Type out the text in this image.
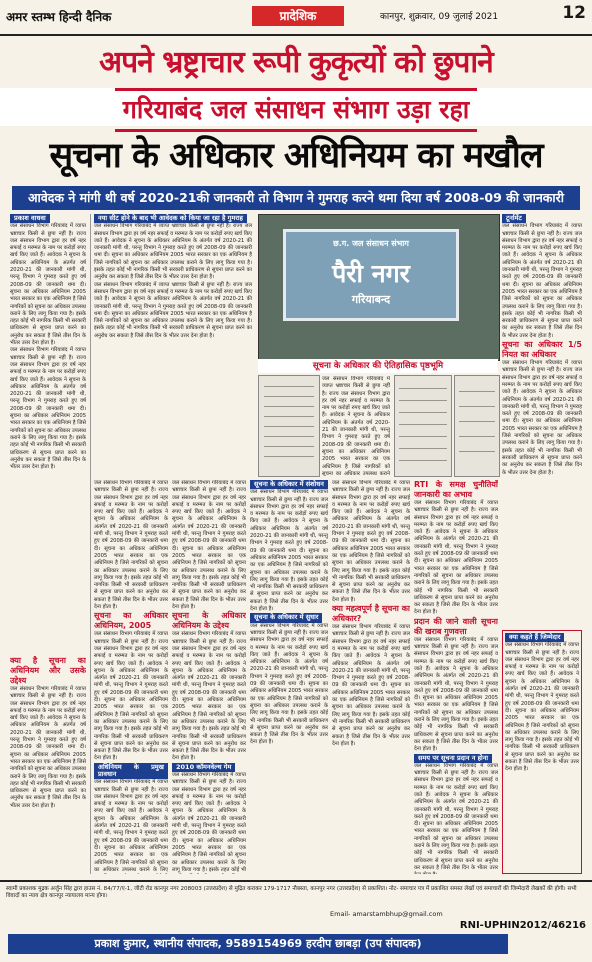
अमर स्तम्भ हिन्दी दैनिक	प्रादेशिक	कानपुर, शुक्रवार, 09 जुलाई 2021	12
अपने भ्रष्ट्राचार रूपी कुकृत्यों को छुपाने
गरियाबंद जल संसाधन संभाग उड़ा रहा
सूचना के अधिकार अधिनियम का मखौल
आवेदक ने मांगी थी वर्ष 2020-21की जानकारी तो विभाग ने गुमराह करने थमा दिया वर्ष 2008-09 की जानकारी
प्रकाश वाधवा
जल संसाधन विभाग गरियाबंद में व्याप्त भ्रष्टाचार किसी से छुपा नहीं है। राज्य जल संसाधन विभाग द्वारा हर वर्ष नहर सफाई व मरम्मत के नाम पर करोड़ों रुपए खर्च किए जाते हैं। आवेदक ने सूचना के अधिकार अधिनियम के अंतर्गत वर्ष 2020-21 की जानकारी मांगी थी, परन्तु विभाग ने गुमराह करते हुए वर्ष 2008-09 की जानकारी थमा दी। सूचना का अधिकार अधिनियम 2005 भारत सरकार का एक अधिनियम है जिसे नागरिकों को सूचना का अधिकार उपलब्ध कराने के लिए लागू किया गया है। इसके तहत कोई भी नागरिक किसी भी सरकारी प्राधिकरण से सूचना प्राप्त करने का अनुरोध कर सकता है जिसे तीस दिन के भीतर उत्तर देना होता है।
जल संसाधन विभाग गरियाबंद में व्याप्त भ्रष्टाचार किसी से छुपा नहीं है। राज्य जल संसाधन विभाग द्वारा हर वर्ष नहर सफाई व मरम्मत के नाम पर करोड़ों रुपए खर्च किए जाते हैं। आवेदक ने सूचना के अधिकार अधिनियम के अंतर्गत वर्ष 2020-21 की जानकारी मांगी थी, परन्तु विभाग ने गुमराह करते हुए वर्ष 2008-09 की जानकारी थमा दी। सूचना का अधिकार अधिनियम 2005 भारत सरकार का एक अधिनियम है जिसे नागरिकों को सूचना का अधिकार उपलब्ध कराने के लिए लागू किया गया है। इसके तहत कोई भी नागरिक किसी भी सरकारी प्राधिकरण से सूचना प्राप्त करने का अनुरोध कर सकता है जिसे तीस दिन के भीतर उत्तर देना होता है।
क्या है सूचना का अधिनियम और उसके उद्देश्य
जल संसाधन विभाग गरियाबंद में व्याप्त भ्रष्टाचार किसी से छुपा नहीं है। राज्य जल संसाधन विभाग द्वारा हर वर्ष नहर सफाई व मरम्मत के नाम पर करोड़ों रुपए खर्च किए जाते हैं। आवेदक ने सूचना के अधिकार अधिनियम के अंतर्गत वर्ष 2020-21 की जानकारी मांगी थी, परन्तु विभाग ने गुमराह करते हुए वर्ष 2008-09 की जानकारी थमा दी। सूचना का अधिकार अधिनियम 2005 भारत सरकार का एक अधिनियम है जिसे नागरिकों को सूचना का अधिकार उपलब्ध कराने के लिए लागू किया गया है। इसके तहत कोई भी नागरिक किसी भी सरकारी प्राधिकरण से सूचना प्राप्त करने का अनुरोध कर सकता है जिसे तीस दिन के भीतर उत्तर देना होता है।
नया सीट होने के बाद भी आवेदक को किया जा रहा है गुमराह
जल संसाधन विभाग गरियाबंद में व्याप्त भ्रष्टाचार किसी से छुपा नहीं है। राज्य जल संसाधन विभाग द्वारा हर वर्ष नहर सफाई व मरम्मत के नाम पर करोड़ों रुपए खर्च किए जाते हैं। आवेदक ने सूचना के अधिकार अधिनियम के अंतर्गत वर्ष 2020-21 की जानकारी मांगी थी, परन्तु विभाग ने गुमराह करते हुए वर्ष 2008-09 की जानकारी थमा दी। सूचना का अधिकार अधिनियम 2005 भारत सरकार का एक अधिनियम है जिसे नागरिकों को सूचना का अधिकार उपलब्ध कराने के लिए लागू किया गया है। इसके तहत कोई भी नागरिक किसी भी सरकारी प्राधिकरण से सूचना प्राप्त करने का अनुरोध कर सकता है जिसे तीस दिन के भीतर उत्तर देना होता है।
जल संसाधन विभाग गरियाबंद में व्याप्त भ्रष्टाचार किसी से छुपा नहीं है। राज्य जल संसाधन विभाग द्वारा हर वर्ष नहर सफाई व मरम्मत के नाम पर करोड़ों रुपए खर्च किए जाते हैं। आवेदक ने सूचना के अधिकार अधिनियम के अंतर्गत वर्ष 2020-21 की जानकारी मांगी थी, परन्तु विभाग ने गुमराह करते हुए वर्ष 2008-09 की जानकारी थमा दी। सूचना का अधिकार अधिनियम 2005 भारत सरकार का एक अधिनियम है जिसे नागरिकों को सूचना का अधिकार उपलब्ध कराने के लिए लागू किया गया है। इसके तहत कोई भी नागरिक किसी भी सरकारी प्राधिकरण से सूचना प्राप्त करने का अनुरोध कर सकता है जिसे तीस दिन के भीतर उत्तर देना होता है।
छ.ग. जल संसाधन संभाग
पैरी नगर
गरियाबन्द
सूचना के अधिकार की ऐतिहासिक पृष्ठभूमि
टूर्नामेंट
जल संसाधन विभाग गरियाबंद में व्याप्त भ्रष्टाचार किसी से छुपा नहीं है। राज्य जल संसाधन विभाग द्वारा हर वर्ष नहर सफाई व मरम्मत के नाम पर करोड़ों रुपए खर्च किए जाते हैं। आवेदक ने सूचना के अधिकार अधिनियम के अंतर्गत वर्ष 2020-21 की जानकारी मांगी थी, परन्तु विभाग ने गुमराह करते हुए वर्ष 2008-09 की जानकारी थमा दी। सूचना का अधिकार अधिनियम 2005 भारत सरकार का एक अधिनियम है जिसे नागरिकों को सूचना का अधिकार उपलब्ध कराने के लिए लागू किया गया है। इसके तहत कोई भी नागरिक किसी भी सरकारी प्राधिकरण से सूचना प्राप्त करने का अनुरोध कर सकता है जिसे तीस दिन के भीतर उत्तर देना होता है।
सूचना का अधिकार 1/5 नियत का अधिकार
जल संसाधन विभाग गरियाबंद में व्याप्त भ्रष्टाचार किसी से छुपा नहीं है। राज्य जल संसाधन विभाग द्वारा हर वर्ष नहर सफाई व मरम्मत के नाम पर करोड़ों रुपए खर्च किए जाते हैं। आवेदक ने सूचना के अधिकार अधिनियम के अंतर्गत वर्ष 2020-21 की जानकारी मांगी थी, परन्तु विभाग ने गुमराह करते हुए वर्ष 2008-09 की जानकारी थमा दी। सूचना का अधिकार अधिनियम 2005 भारत सरकार का एक अधिनियम है जिसे नागरिकों को सूचना का अधिकार उपलब्ध कराने के लिए लागू किया गया है। इसके तहत कोई भी नागरिक किसी भी सरकारी प्राधिकरण से सूचना प्राप्त करने का अनुरोध कर सकता है जिसे तीस दिन के भीतर उत्तर देना होता है।
जल संसाधन विभाग गरियाबंद में व्याप्त भ्रष्टाचार किसी से छुपा नहीं है। राज्य जल संसाधन विभाग द्वारा हर वर्ष नहर सफाई व मरम्मत के नाम पर करोड़ों रुपए खर्च किए जाते हैं। आवेदक ने सूचना के अधिकार अधिनियम के अंतर्गत वर्ष 2020-21 की जानकारी मांगी थी, परन्तु विभाग ने गुमराह करते हुए वर्ष 2008-09 की जानकारी थमा दी। सूचना का अधिकार अधिनियम 2005 भारत सरकार का एक अधिनियम है जिसे नागरिकों को सूचना का अधिकार उपलब्ध कराने
जल संसाधन विभाग गरियाबंद में व्याप्त भ्रष्टाचार किसी से छुपा नहीं है। राज्य जल संसाधन विभाग द्वारा हर वर्ष नहर सफाई व मरम्मत के नाम पर करोड़ों रुपए खर्च किए जाते हैं। आवेदक ने सूचना के अधिकार अधिनियम के अंतर्गत वर्ष 2020-21 की जानकारी मांगी थी, परन्तु विभाग ने गुमराह करते हुए वर्ष 2008-09 की जानकारी थमा दी। सूचना का अधिकार अधिनियम 2005 भारत सरकार का एक अधिनियम है जिसे नागरिकों को सूचना का अधिकार उपलब्ध कराने के लिए लागू किया गया है। इसके तहत कोई भी नागरिक किसी भी सरकारी प्राधिकरण से सूचना प्राप्त करने का अनुरोध कर सकता है जिसे तीस दिन के भीतर उत्तर देना होता है।
सूचना का अधिकार अधिनियम, 2005
जल संसाधन विभाग गरियाबंद में व्याप्त भ्रष्टाचार किसी से छुपा नहीं है। राज्य जल संसाधन विभाग द्वारा हर वर्ष नहर सफाई व मरम्मत के नाम पर करोड़ों रुपए खर्च किए जाते हैं। आवेदक ने सूचना के अधिकार अधिनियम के अंतर्गत वर्ष 2020-21 की जानकारी मांगी थी, परन्तु विभाग ने गुमराह करते हुए वर्ष 2008-09 की जानकारी थमा दी। सूचना का अधिकार अधिनियम 2005 भारत सरकार का एक अधिनियम है जिसे नागरिकों को सूचना का अधिकार उपलब्ध कराने के लिए लागू किया गया है। इसके तहत कोई भी नागरिक किसी भी सरकारी प्राधिकरण से सूचना प्राप्त करने का अनुरोध कर सकता है जिसे तीस दिन के भीतर उत्तर देना होता है।
अधिनियम के प्रमुख प्रावधान
जल संसाधन विभाग गरियाबंद में व्याप्त भ्रष्टाचार किसी से छुपा नहीं है। राज्य जल संसाधन विभाग द्वारा हर वर्ष नहर सफाई व मरम्मत के नाम पर करोड़ों रुपए खर्च किए जाते हैं। आवेदक ने सूचना के अधिकार अधिनियम के अंतर्गत वर्ष 2020-21 की जानकारी मांगी थी, परन्तु विभाग ने गुमराह करते हुए वर्ष 2008-09 की जानकारी थमा दी। सूचना का अधिकार अधिनियम 2005 भारत सरकार का एक अधिनियम है जिसे नागरिकों को सूचना का अधिकार उपलब्ध कराने के लिए
जल संसाधन विभाग गरियाबंद में व्याप्त भ्रष्टाचार किसी से छुपा नहीं है। राज्य जल संसाधन विभाग द्वारा हर वर्ष नहर सफाई व मरम्मत के नाम पर करोड़ों रुपए खर्च किए जाते हैं। आवेदक ने सूचना के अधिकार अधिनियम के अंतर्गत वर्ष 2020-21 की जानकारी मांगी थी, परन्तु विभाग ने गुमराह करते हुए वर्ष 2008-09 की जानकारी थमा दी। सूचना का अधिकार अधिनियम 2005 भारत सरकार का एक अधिनियम है जिसे नागरिकों को सूचना का अधिकार उपलब्ध कराने के लिए लागू किया गया है। इसके तहत कोई भी नागरिक किसी भी सरकारी प्राधिकरण से सूचना प्राप्त करने का अनुरोध कर सकता है जिसे तीस दिन के भीतर उत्तर देना होता है।
सूचना के अधिकार अधिनियम के उद्देश्य
जल संसाधन विभाग गरियाबंद में व्याप्त भ्रष्टाचार किसी से छुपा नहीं है। राज्य जल संसाधन विभाग द्वारा हर वर्ष नहर सफाई व मरम्मत के नाम पर करोड़ों रुपए खर्च किए जाते हैं। आवेदक ने सूचना के अधिकार अधिनियम के अंतर्गत वर्ष 2020-21 की जानकारी मांगी थी, परन्तु विभाग ने गुमराह करते हुए वर्ष 2008-09 की जानकारी थमा दी। सूचना का अधिकार अधिनियम 2005 भारत सरकार का एक अधिनियम है जिसे नागरिकों को सूचना का अधिकार उपलब्ध कराने के लिए लागू किया गया है। इसके तहत कोई भी नागरिक किसी भी सरकारी प्राधिकरण से सूचना प्राप्त करने का अनुरोध कर सकता है जिसे तीस दिन के भीतर उत्तर देना होता है।
2010 कॉमनवेल्थ गेम
जल संसाधन विभाग गरियाबंद में व्याप्त भ्रष्टाचार किसी से छुपा नहीं है। राज्य जल संसाधन विभाग द्वारा हर वर्ष नहर सफाई व मरम्मत के नाम पर करोड़ों रुपए खर्च किए जाते हैं। आवेदक ने सूचना के अधिकार अधिनियम के अंतर्गत वर्ष 2020-21 की जानकारी मांगी थी, परन्तु विभाग ने गुमराह करते हुए वर्ष 2008-09 की जानकारी थमा दी। सूचना का अधिकार अधिनियम 2005 भारत सरकार का एक अधिनियम है जिसे नागरिकों को सूचना का अधिकार उपलब्ध कराने के लिए लागू किया गया है। इसके तहत कोई भी
सूचना के अधिकार में संशोधन
जल संसाधन विभाग गरियाबंद में व्याप्त भ्रष्टाचार किसी से छुपा नहीं है। राज्य जल संसाधन विभाग द्वारा हर वर्ष नहर सफाई व मरम्मत के नाम पर करोड़ों रुपए खर्च किए जाते हैं। आवेदक ने सूचना के अधिकार अधिनियम के अंतर्गत वर्ष 2020-21 की जानकारी मांगी थी, परन्तु विभाग ने गुमराह करते हुए वर्ष 2008-09 की जानकारी थमा दी। सूचना का अधिकार अधिनियम 2005 भारत सरकार का एक अधिनियम है जिसे नागरिकों को सूचना का अधिकार उपलब्ध कराने के लिए लागू किया गया है। इसके तहत कोई भी नागरिक किसी भी सरकारी प्राधिकरण से सूचना प्राप्त करने का अनुरोध कर सकता है जिसे तीस दिन के भीतर उत्तर देना होता है।
सूचना के अधिकार में सुधार
जल संसाधन विभाग गरियाबंद में व्याप्त भ्रष्टाचार किसी से छुपा नहीं है। राज्य जल संसाधन विभाग द्वारा हर वर्ष नहर सफाई व मरम्मत के नाम पर करोड़ों रुपए खर्च किए जाते हैं। आवेदक ने सूचना के अधिकार अधिनियम के अंतर्गत वर्ष 2020-21 की जानकारी मांगी थी, परन्तु विभाग ने गुमराह करते हुए वर्ष 2008-09 की जानकारी थमा दी। सूचना का अधिकार अधिनियम 2005 भारत सरकार का एक अधिनियम है जिसे नागरिकों को सूचना का अधिकार उपलब्ध कराने के लिए लागू किया गया है। इसके तहत कोई भी नागरिक किसी भी सरकारी प्राधिकरण से सूचना प्राप्त करने का अनुरोध कर सकता है जिसे तीस दिन के भीतर उत्तर देना होता है।
जल संसाधन विभाग गरियाबंद में व्याप्त भ्रष्टाचार किसी से छुपा नहीं है। राज्य जल संसाधन विभाग द्वारा हर वर्ष नहर सफाई व मरम्मत के नाम पर करोड़ों रुपए खर्च किए जाते हैं। आवेदक ने सूचना के अधिकार अधिनियम के अंतर्गत वर्ष 2020-21 की जानकारी मांगी थी, परन्तु विभाग ने गुमराह करते हुए वर्ष 2008-09 की जानकारी थमा दी। सूचना का अधिकार अधिनियम 2005 भारत सरकार का एक अधिनियम है जिसे नागरिकों को सूचना का अधिकार उपलब्ध कराने के लिए लागू किया गया है। इसके तहत कोई भी नागरिक किसी भी सरकारी प्राधिकरण से सूचना प्राप्त करने का अनुरोध कर सकता है जिसे तीस दिन के भीतर उत्तर देना होता है।
क्या महत्वपूर्ण है सूचना का अधिकार?
जल संसाधन विभाग गरियाबंद में व्याप्त भ्रष्टाचार किसी से छुपा नहीं है। राज्य जल संसाधन विभाग द्वारा हर वर्ष नहर सफाई व मरम्मत के नाम पर करोड़ों रुपए खर्च किए जाते हैं। आवेदक ने सूचना के अधिकार अधिनियम के अंतर्गत वर्ष 2020-21 की जानकारी मांगी थी, परन्तु विभाग ने गुमराह करते हुए वर्ष 2008-09 की जानकारी थमा दी। सूचना का अधिकार अधिनियम 2005 भारत सरकार का एक अधिनियम है जिसे नागरिकों को सूचना का अधिकार उपलब्ध कराने के लिए लागू किया गया है। इसके तहत कोई भी नागरिक किसी भी सरकारी प्राधिकरण से सूचना प्राप्त करने का अनुरोध कर सकता है जिसे तीस दिन के भीतर उत्तर देना होता है।
RTI के समक्ष चुनौतियाँ जानकारी का अभाव
जल संसाधन विभाग गरियाबंद में व्याप्त भ्रष्टाचार किसी से छुपा नहीं है। राज्य जल संसाधन विभाग द्वारा हर वर्ष नहर सफाई व मरम्मत के नाम पर करोड़ों रुपए खर्च किए जाते हैं। आवेदक ने सूचना के अधिकार अधिनियम के अंतर्गत वर्ष 2020-21 की जानकारी मांगी थी, परन्तु विभाग ने गुमराह करते हुए वर्ष 2008-09 की जानकारी थमा दी। सूचना का अधिकार अधिनियम 2005 भारत सरकार का एक अधिनियम है जिसे नागरिकों को सूचना का अधिकार उपलब्ध कराने के लिए लागू किया गया है। इसके तहत कोई भी नागरिक किसी भी सरकारी प्राधिकरण से सूचना प्राप्त करने का अनुरोध कर सकता है जिसे तीस दिन के भीतर उत्तर देना होता है।
प्रदान की जाने वाली सूचना की खराब गुणवत्ता
जल संसाधन विभाग गरियाबंद में व्याप्त भ्रष्टाचार किसी से छुपा नहीं है। राज्य जल संसाधन विभाग द्वारा हर वर्ष नहर सफाई व मरम्मत के नाम पर करोड़ों रुपए खर्च किए जाते हैं। आवेदक ने सूचना के अधिकार अधिनियम के अंतर्गत वर्ष 2020-21 की जानकारी मांगी थी, परन्तु विभाग ने गुमराह करते हुए वर्ष 2008-09 की जानकारी थमा दी। सूचना का अधिकार अधिनियम 2005 भारत सरकार का एक अधिनियम है जिसे नागरिकों को सूचना का अधिकार उपलब्ध कराने के लिए लागू किया गया है। इसके तहत कोई भी नागरिक किसी भी सरकारी प्राधिकरण से सूचना प्राप्त करने का अनुरोध कर सकता है जिसे तीस दिन के भीतर उत्तर देना होता है।
समय पर सूचना प्रदान न होना
जल संसाधन विभाग गरियाबंद में व्याप्त भ्रष्टाचार किसी से छुपा नहीं है। राज्य जल संसाधन विभाग द्वारा हर वर्ष नहर सफाई व मरम्मत के नाम पर करोड़ों रुपए खर्च किए जाते हैं। आवेदक ने सूचना के अधिकार अधिनियम के अंतर्गत वर्ष 2020-21 की जानकारी मांगी थी, परन्तु विभाग ने गुमराह करते हुए वर्ष 2008-09 की जानकारी थमा दी। सूचना का अधिकार अधिनियम 2005 भारत सरकार का एक अधिनियम है जिसे नागरिकों को सूचना का अधिकार उपलब्ध कराने के लिए लागू किया गया है। इसके तहत कोई भी नागरिक किसी भी सरकारी प्राधिकरण से सूचना प्राप्त करने का अनुरोध कर सकता है जिसे तीस दिन के भीतर उत्तर
क्या कहते हैं जिम्मेदार
जल संसाधन विभाग गरियाबंद में व्याप्त भ्रष्टाचार किसी से छुपा नहीं है। राज्य जल संसाधन विभाग द्वारा हर वर्ष नहर सफाई व मरम्मत के नाम पर करोड़ों रुपए खर्च किए जाते हैं। आवेदक ने सूचना के अधिकार अधिनियम के अंतर्गत वर्ष 2020-21 की जानकारी मांगी थी, परन्तु विभाग ने गुमराह करते हुए वर्ष 2008-09 की जानकारी थमा दी। सूचना का अधिकार अधिनियम 2005 भारत सरकार का एक अधिनियम है जिसे नागरिकों को सूचना का अधिकार उपलब्ध कराने के लिए लागू किया गया है। इसके तहत कोई भी नागरिक किसी भी सरकारी प्राधिकरण से सूचना प्राप्त करने का अनुरोध कर सकता है जिसे तीस दिन के भीतर उत्तर देना होता है।
स्वामी प्रकाशक मुद्रक अर्जुन सिंह द्वारा हाउस नं. 84/77/ए-1, जीटी रोड कानपुर नगर 208003 (उत्तरप्रदेश) से मुद्रित कराकर 179-1717 नौबस्ता, कानपुर नगर (उत्तरप्रदेश) से प्रकाशित। नोट- समाचार पत्र में प्रकाशित समस्त लेखों एवं समाचारों की जिम्मेदारी लेखकों की होगी। सभी विवादों का न्याय क्षेत्र कानपुर न्यायालय मान्य होगा।
Email- amarstambhup@gmail.com
RNI-UPHIN2012/46216
प्रकाश कुमार, स्थानीय संपादक, 9589154969 हरदीप छाबड़ा (उप संपादक)
